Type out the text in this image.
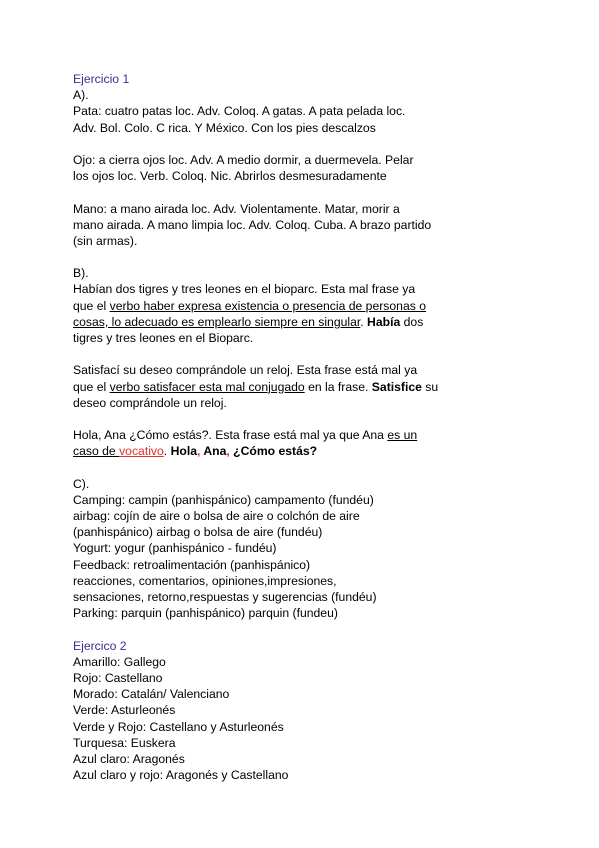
Ejercicio 1
A).
Pata: cuatro patas loc. Adv. Coloq. A gatas. A pata pelada loc.
Adv. Bol. Colo. C rica. Y México. Con los pies descalzos
Ojo: a cierra ojos loc. Adv. A medio dormir, a duermevela. Pelar
los ojos loc. Verb. Coloq. Nic. Abrirlos desmesuradamente
Mano: a mano airada loc. Adv. Violentamente. Matar, morir a
mano airada. A mano limpia loc. Adv. Coloq. Cuba. A brazo partido
(sin armas).
B).
Habían dos tigres y tres leones en el bioparc. Esta mal frase ya
que el verbo haber expresa existencia o presencia de personas o
cosas, lo adecuado es emplearlo siempre en singular. Había dos
tigres y tres leones en el Bioparc.
Satisfací su deseo comprándole un reloj. Esta frase está mal ya
que el verbo satisfacer esta mal conjugado en la frase. Satisfice su
deseo comprándole un reloj.
Hola, Ana ¿Cómo estás?. Esta frase está mal ya que Ana es un
caso de vocativo. Hola, Ana, ¿Cómo estás?
C).
Camping: campin (panhispánico) campamento (fundéu)
airbag: cojín de aire o bolsa de aire o colchón de aire
(panhispánico) airbag o bolsa de aire (fundéu)
Yogurt: yogur (panhispánico - fundéu)
Feedback: retroalimentación (panhispánico)
reacciones, comentarios, opiniones,impresiones,
sensaciones, retorno,respuestas y sugerencias (fundéu)
Parking: parquin (panhispánico) parquin (fundeu)
Ejercico 2
Amarillo: Gallego
Rojo: Castellano
Morado: Catalán/ Valenciano
Verde: Asturleonés
Verde y Rojo: Castellano y Asturleonés
Turquesa: Euskera
Azul claro: Aragonés
Azul claro y rojo: Aragonés y Castellano
